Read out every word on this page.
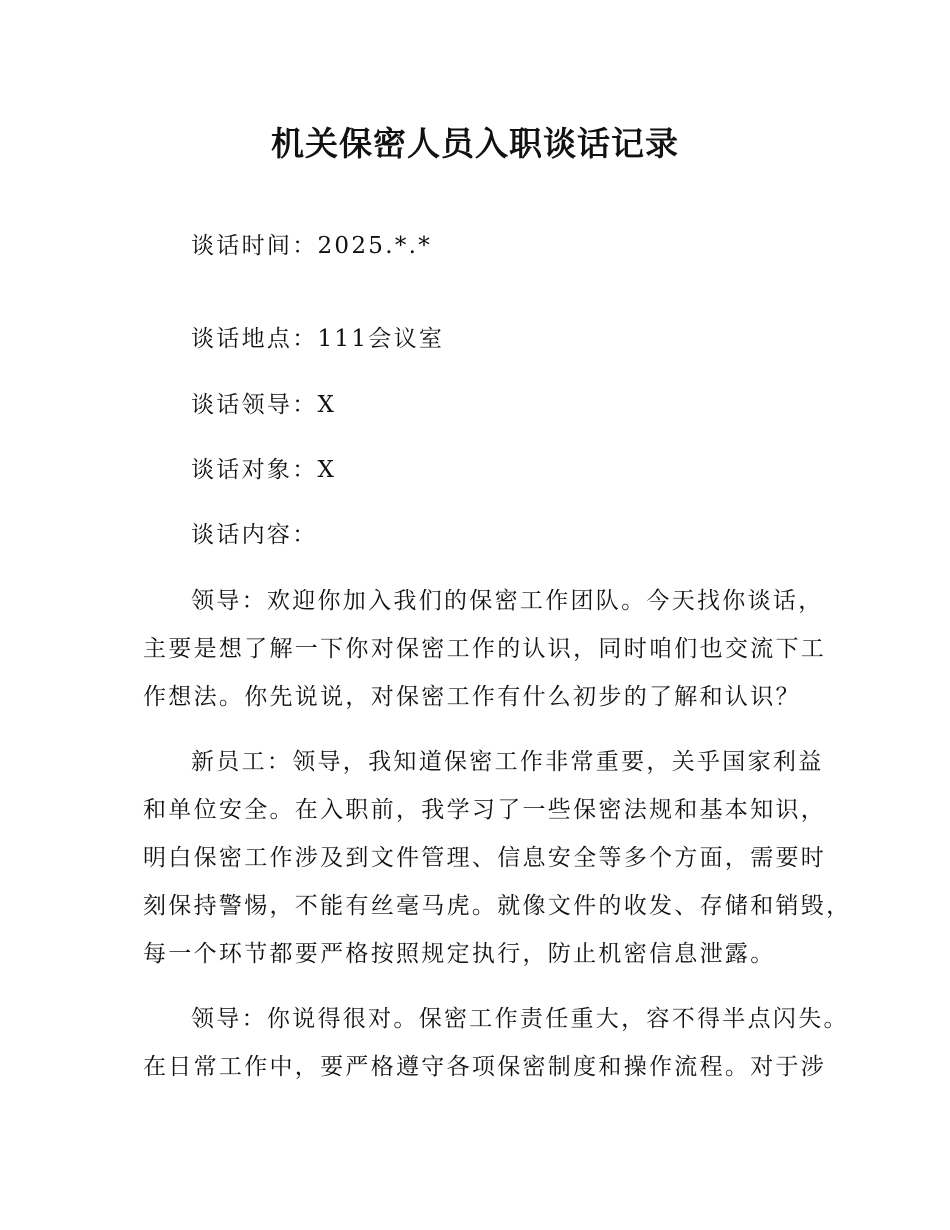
机关保密人员入职谈话记录
谈话时间：2025.*.*
谈话地点：111会议室
谈话领导：X
谈话对象：X
谈话内容：
领导：欢迎你加入我们的保密工作团队。今天找你谈话，
主要是想了解一下你对保密工作的认识，同时咱们也交流下工
作想法。你先说说，对保密工作有什么初步的了解和认识？
新员工：领导，我知道保密工作非常重要，关乎国家利益
和单位安全。在入职前，我学习了一些保密法规和基本知识，
明白保密工作涉及到文件管理、信息安全等多个方面，需要时
刻保持警惕，不能有丝毫马虎。就像文件的收发、存储和销毁，
每一个环节都要严格按照规定执行，防止机密信息泄露。
领导：你说得很对。保密工作责任重大，容不得半点闪失。
在日常工作中，要严格遵守各项保密制度和操作流程。对于涉
